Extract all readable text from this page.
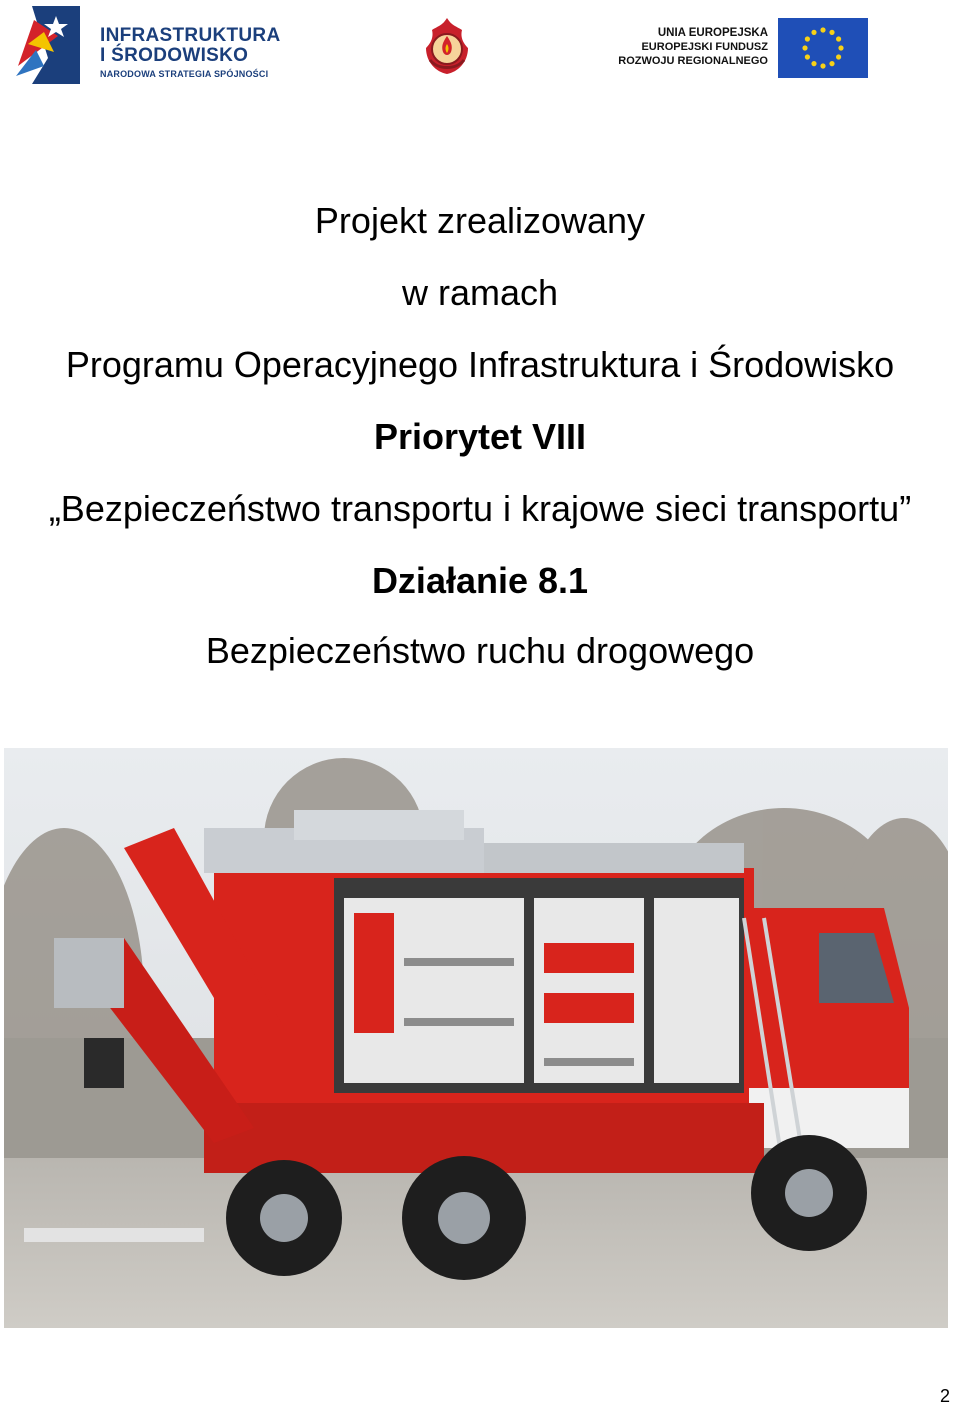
INFRASTRUKTURA
I ŚRODOWISKO
NARODOWA STRATEGIA SPÓJNOŚCI
UNIA EUROPEJSKA
EUROPEJSKI FUNDUSZ
ROZWOJU REGIONALNEGO
Projekt zrealizowany
w ramach
Programu Operacyjnego Infrastruktura i Środowisko
Priorytet VIII
„Bezpieczeństwo transportu i krajowe sieci transportu”
Działanie 8.1
Bezpieczeństwo ruchu drogowego
2
